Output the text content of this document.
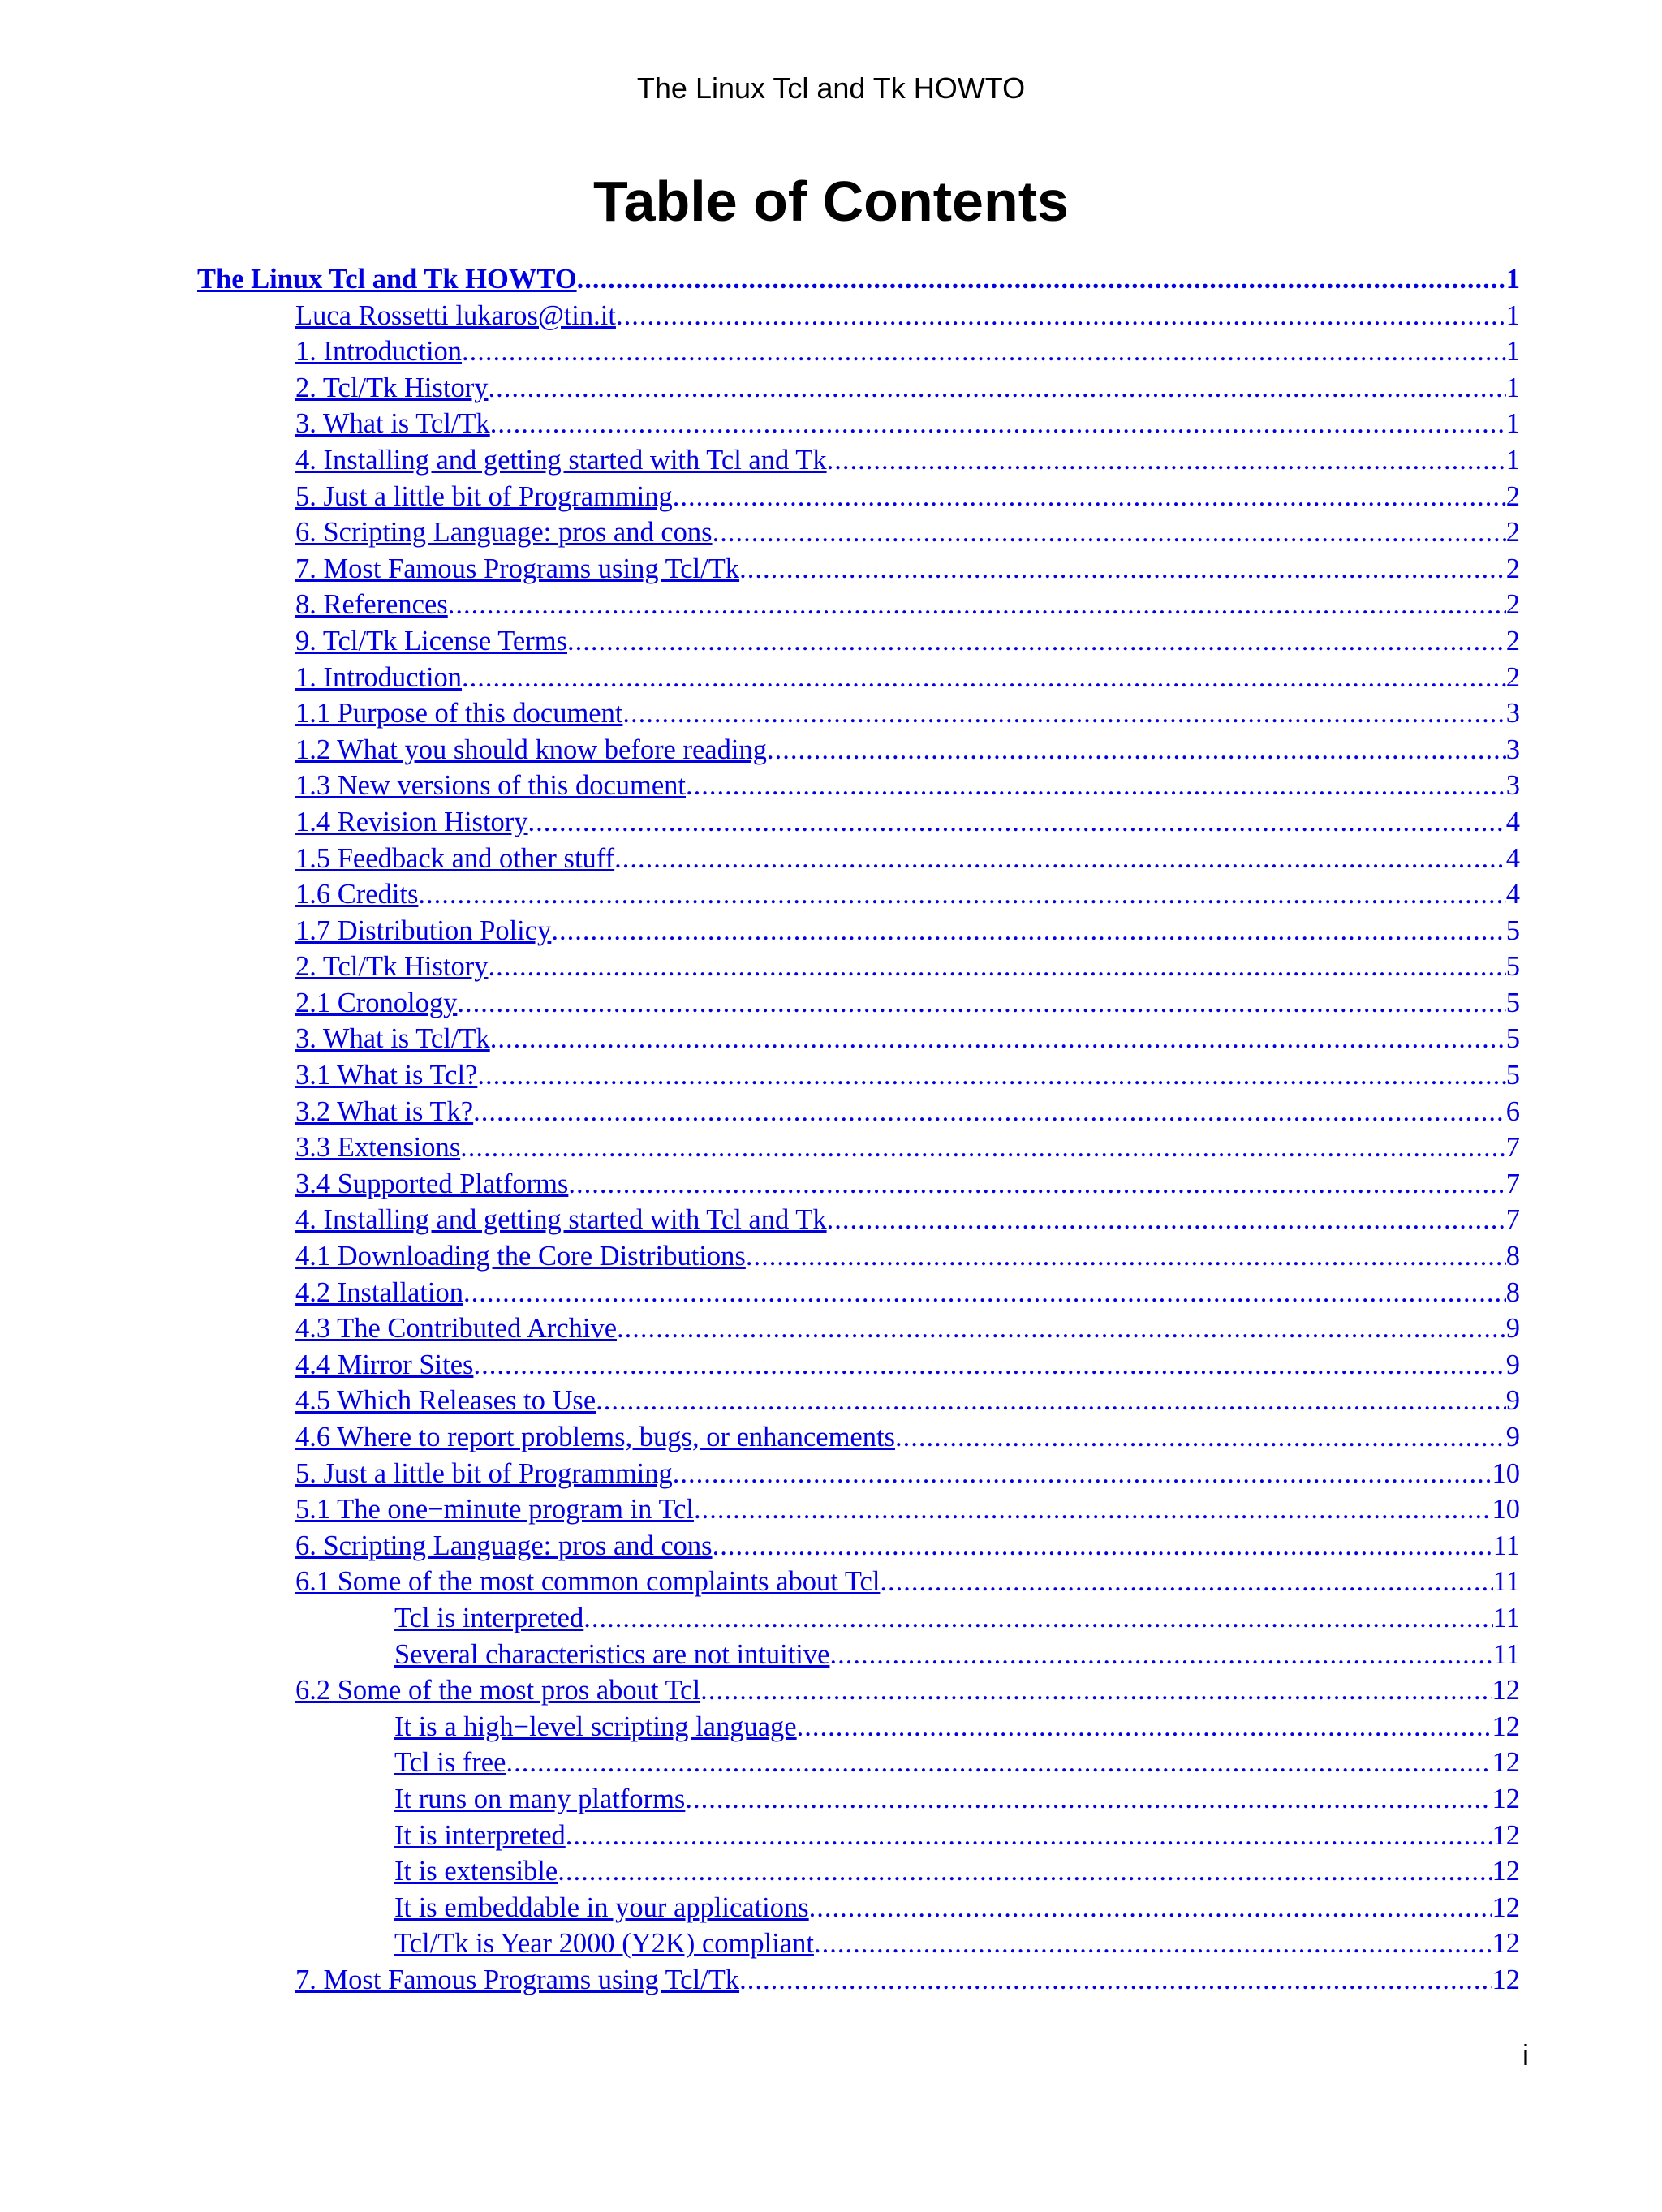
The Linux Tcl and Tk HOWTO
Table of Contents
The Linux Tcl and Tk HOWTO .....	1
Luca Rossetti lukaros@tin.it .....	1
1. Introduction .....	1
2. Tcl/Tk History .....	1
3. What is Tcl/Tk .....	1
4. Installing and getting started with Tcl and Tk .....	1
5. Just a little bit of Programming .....	2
6. Scripting Language: pros and cons .....	2
7. Most Famous Programs using Tcl/Tk .....	2
8. References .....	2
9. Tcl/Tk License Terms .....	2
1. Introduction .....	2
1.1 Purpose of this document .....	3
1.2 What you should know before reading .....	3
1.3 New versions of this document .....	3
1.4 Revision History .....	4
1.5 Feedback and other stuff .....	4
1.6 Credits .....	4
1.7 Distribution Policy .....	5
2. Tcl/Tk History .....	5
2.1 Cronology .....	5
3. What is Tcl/Tk .....	5
3.1 What is Tcl? .....	5
3.2 What is Tk? .....	6
3.3 Extensions .....	7
3.4 Supported Platforms .....	7
4. Installing and getting started with Tcl and Tk .....	7
4.1 Downloading the Core Distributions .....	8
4.2 Installation .....	8
4.3 The Contributed Archive .....	9
4.4 Mirror Sites .....	9
4.5 Which Releases to Use .....	9
4.6 Where to report problems, bugs, or enhancements .....	9
5. Just a little bit of Programming .....	10
5.1 The one−minute program in Tcl .....	10
6. Scripting Language: pros and cons .....	11
6.1 Some of the most common complaints about Tcl .....	11
Tcl is interpreted .....	11
Several characteristics are not intuitive .....	11
6.2 Some of the most pros about Tcl .....	12
It is a high−level scripting language .....	12
Tcl is free .....	12
It runs on many platforms .....	12
It is interpreted .....	12
It is extensible .....	12
It is embeddable in your applications .....	12
Tcl/Tk is Year 2000 (Y2K) compliant .....	12
7. Most Famous Programs using Tcl/Tk .....	12
i
